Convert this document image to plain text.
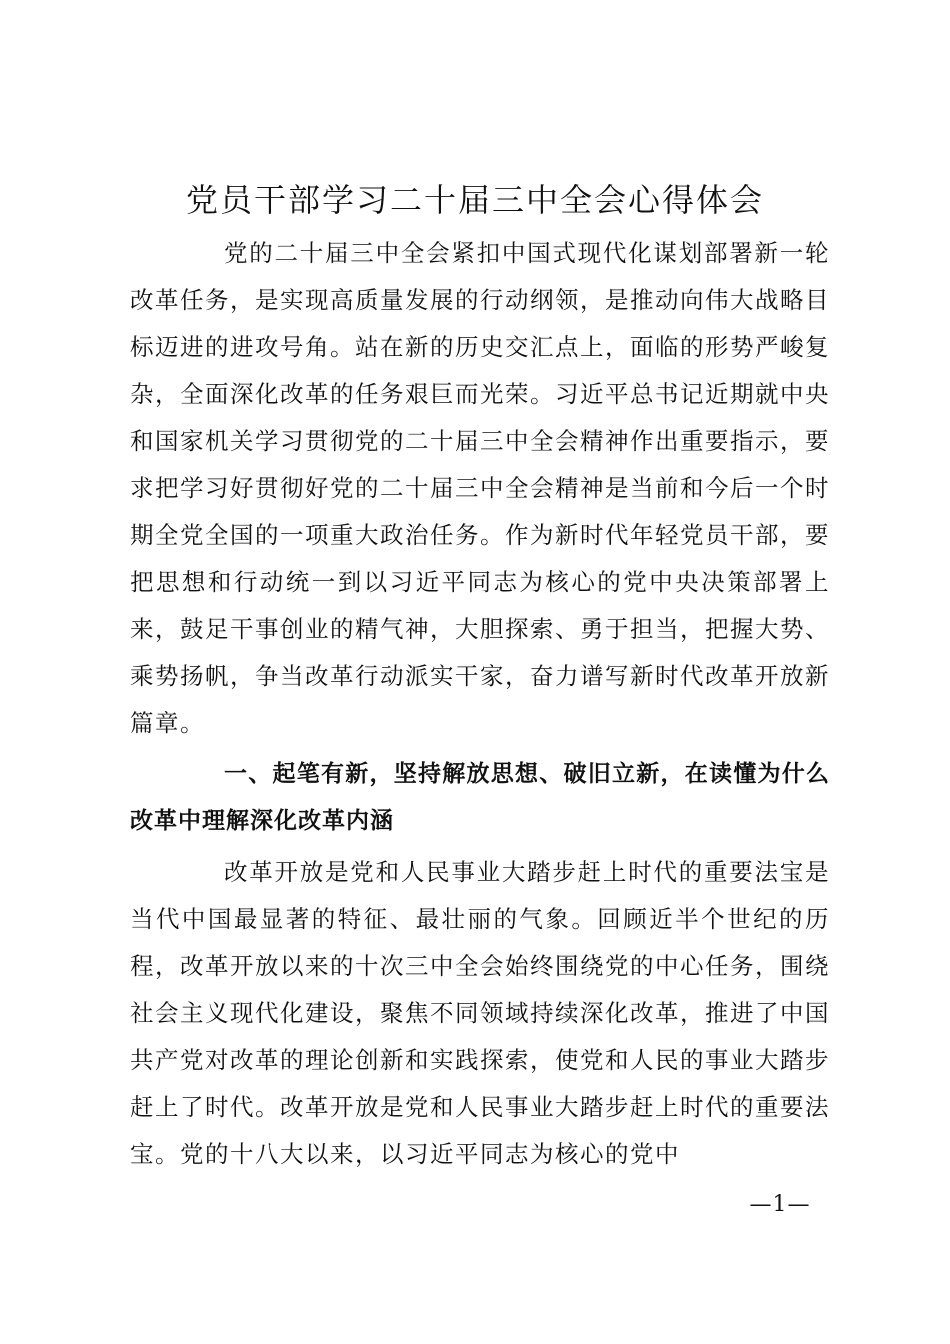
党员干部学习二十届三中全会心得体会

党的二十届三中全会紧扣中国式现代化谋划部署新一轮改革任务，是实现高质量发展的行动纲领，是推动向伟大战略目标迈进的进攻号角。站在新的历史交汇点上，面临的形势严峻复杂，全面深化改革的任务艰巨而光荣。习近平总书记近期就中央和国家机关学习贯彻党的二十届三中全会精神作出重要指示，要求把学习好贯彻好党的二十届三中全会精神是当前和今后一个时期全党全国的一项重大政治任务。作为新时代年轻党员干部，要把思想和行动统一到以习近平同志为核心的党中央决策部署上来，鼓足干事创业的精气神，大胆探索、勇于担当，把握大势、乘势扬帆，争当改革行动派实干家，奋力谱写新时代改革开放新篇章。

一、起笔有新，坚持解放思想、破旧立新，在读懂为什么改革中理解深化改革内涵

改革开放是党和人民事业大踏步赶上时代的重要法宝是当代中国最显著的特征、最壮丽的气象。回顾近半个世纪的历程，改革开放以来的十次三中全会始终围绕党的中心任务，围绕社会主义现代化建设，聚焦不同领域持续深化改革，推进了中国共产党对改革的理论创新和实践探索，使党和人民的事业大踏步赶上了时代。改革开放是党和人民事业大踏步赶上时代的重要法宝。党的十八大以来，以习近平同志为核心的党中

—1—
